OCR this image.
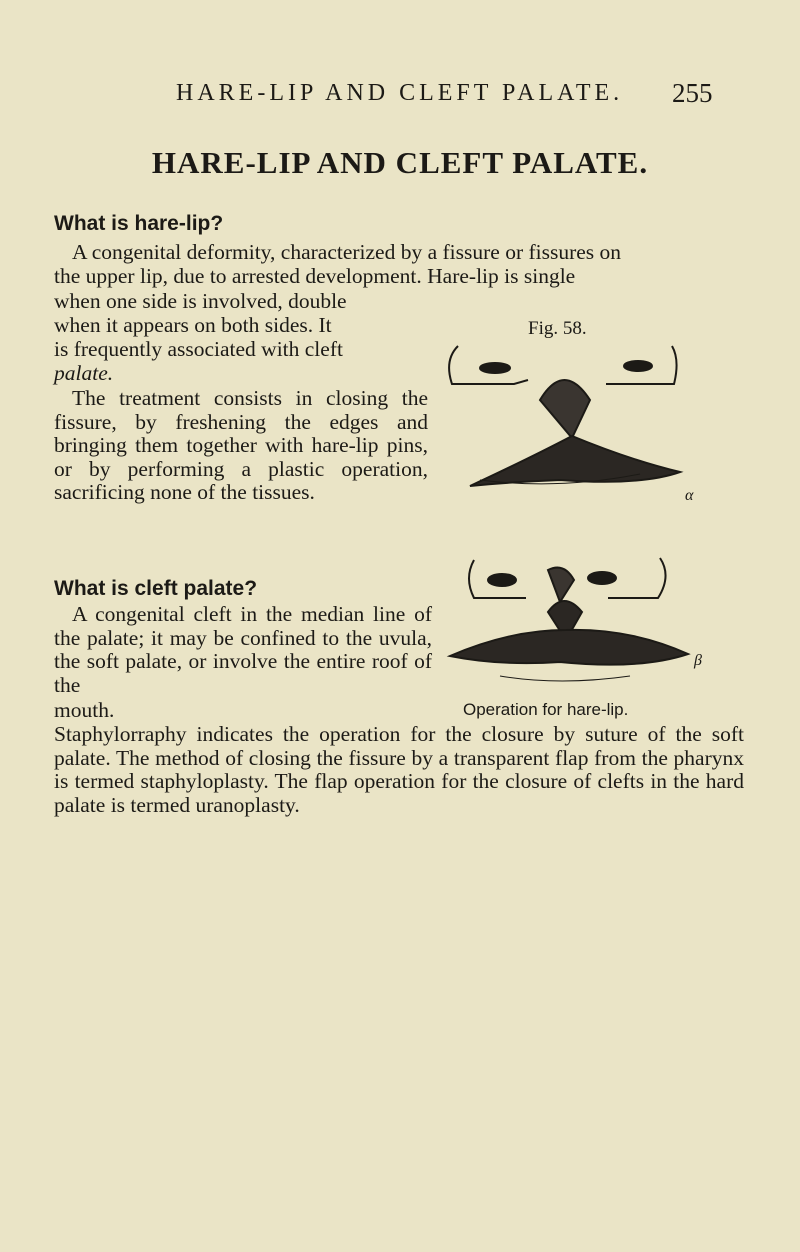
HARE-LIP AND CLEFT PALATE. 255
HARE-LIP AND CLEFT PALATE.
What is hare-lip?
A congenital deformity, characterized by a fissure or fissures on
the upper lip, due to arrested development. Hare-lip is single
when one side is involved, double
when it appears on both sides. It
is frequently associated with cleft
palate.
The treatment consists in closing the fissure, by freshening the edges and bringing them together with hare-lip pins, or by performing a plastic operation, sacrificing none of the tissues.
What is cleft palate?
A congenital cleft in the median line of the palate; it may be confined to the uvula, the soft palate, or involve the entire roof of the
mouth.
Staphylorraphy indicates the operation for the closure by suture of the soft palate. The method of closing the fissure by a transparent flap from the pharynx is termed staphyloplasty. The flap operation for the closure of clefts in the hard palate is termed uranoplasty.
Fig. 58.
α
β
Operation for hare-lip.
